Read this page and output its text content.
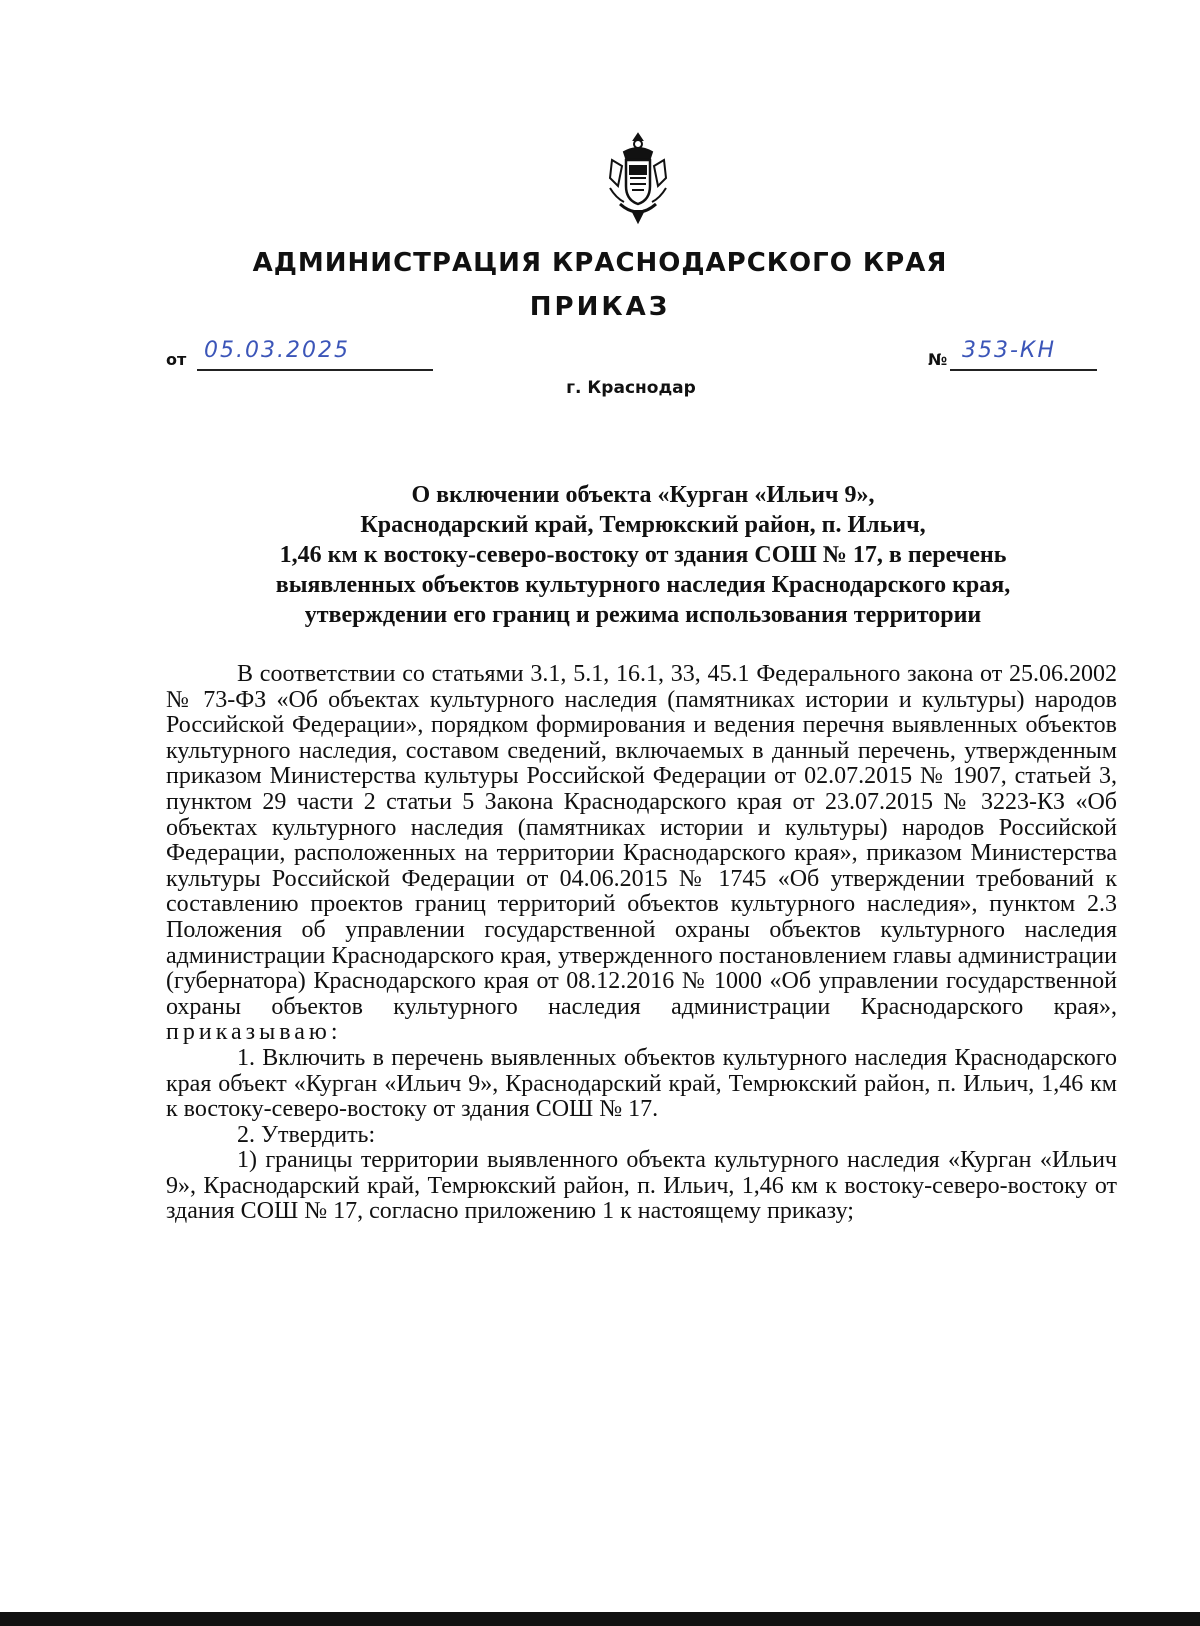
АДМИНИСТРАЦИЯ КРАСНОДАРСКОГО КРАЯ
ПРИКАЗ
от 05.03.2025	№ 353-КН
г. Краснодар
О включении объекта «Курган «Ильич 9»,
Краснодарский край, Темрюкский район, п. Ильич,
1,46 км к востоку-северо-востоку от здания СОШ № 17, в перечень
выявленных объектов культурного наследия Краснодарского края,
утверждении его границ и режима использования территории

В соответствии со статьями 3.1, 5.1, 16.1, 33, 45.1 Федерального закона от 25.06.2002 № 73-ФЗ «Об объектах культурного наследия (памятниках истории и культуры) народов Российской Федерации», порядком формирования и ведения перечня выявленных объектов культурного наследия, составом сведений, включаемых в данный перечень, утвержденным приказом Министерства культуры Российской Федерации от 02.07.2015 № 1907, статьей 3, пунктом 29 части 2 статьи 5 Закона Краснодарского края от 23.07.2015 № 3223-КЗ «Об объектах культурного наследия (памятниках истории и культуры) народов Российской Федерации, расположенных на территории Краснодарского края», приказом Министерства культуры Российской Федерации от 04.06.2015 № 1745 «Об утверждении требований к составлению проектов границ территорий объектов культурного наследия», пунктом 2.3 Положения об управлении государственной охраны объектов культурного наследия администрации Краснодарского края, утвержденного постановлением главы администрации (губернатора) Краснодарского края от 08.12.2016 № 1000 «Об управлении государственной охраны объектов культурного наследия администрации Краснодарского края», приказываю:

1. Включить в перечень выявленных объектов культурного наследия Краснодарского края объект «Курган «Ильич 9», Краснодарский край, Темрюкский район, п. Ильич, 1,46 км к востоку-северо-востоку от здания СОШ № 17.

2. Утвердить:

1) границы территории выявленного объекта культурного наследия «Курган «Ильич 9», Краснодарский край, Темрюкский район, п. Ильич, 1,46 км к востоку-северо-востоку от здания СОШ № 17, согласно приложению 1 к настоящему приказу;
